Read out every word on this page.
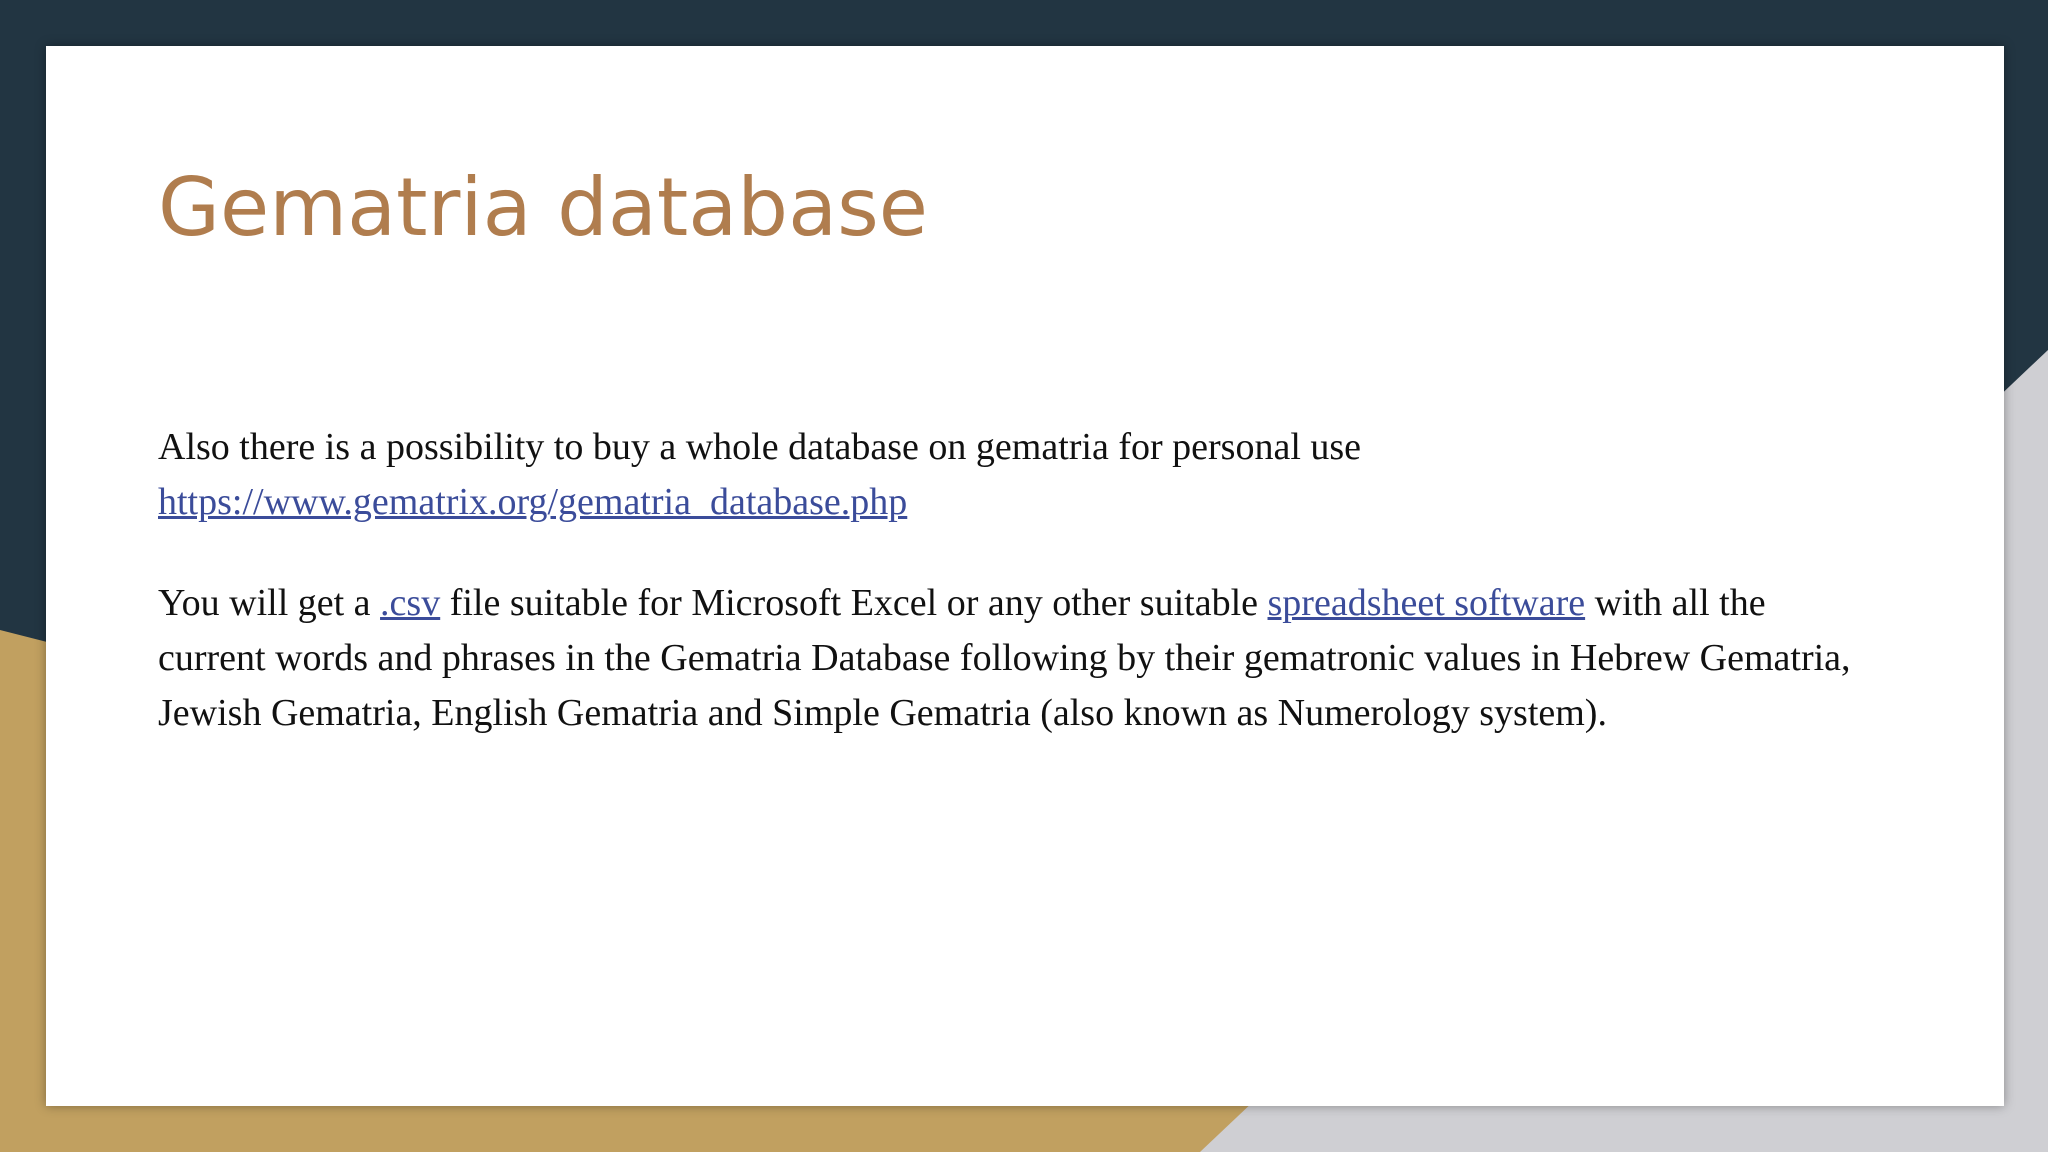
Gematria database

Also there is a possibility to buy a whole database on gematria for personal use
https://www.gematrix.org/gematria_database.php

You will get a .csv file suitable for Microsoft Excel or any other suitable spreadsheet software with all the current words and phrases in the Gematria Database following by their gematronic values in Hebrew Gematria, Jewish Gematria, English Gematria and Simple Gematria (also known as Numerology system).
